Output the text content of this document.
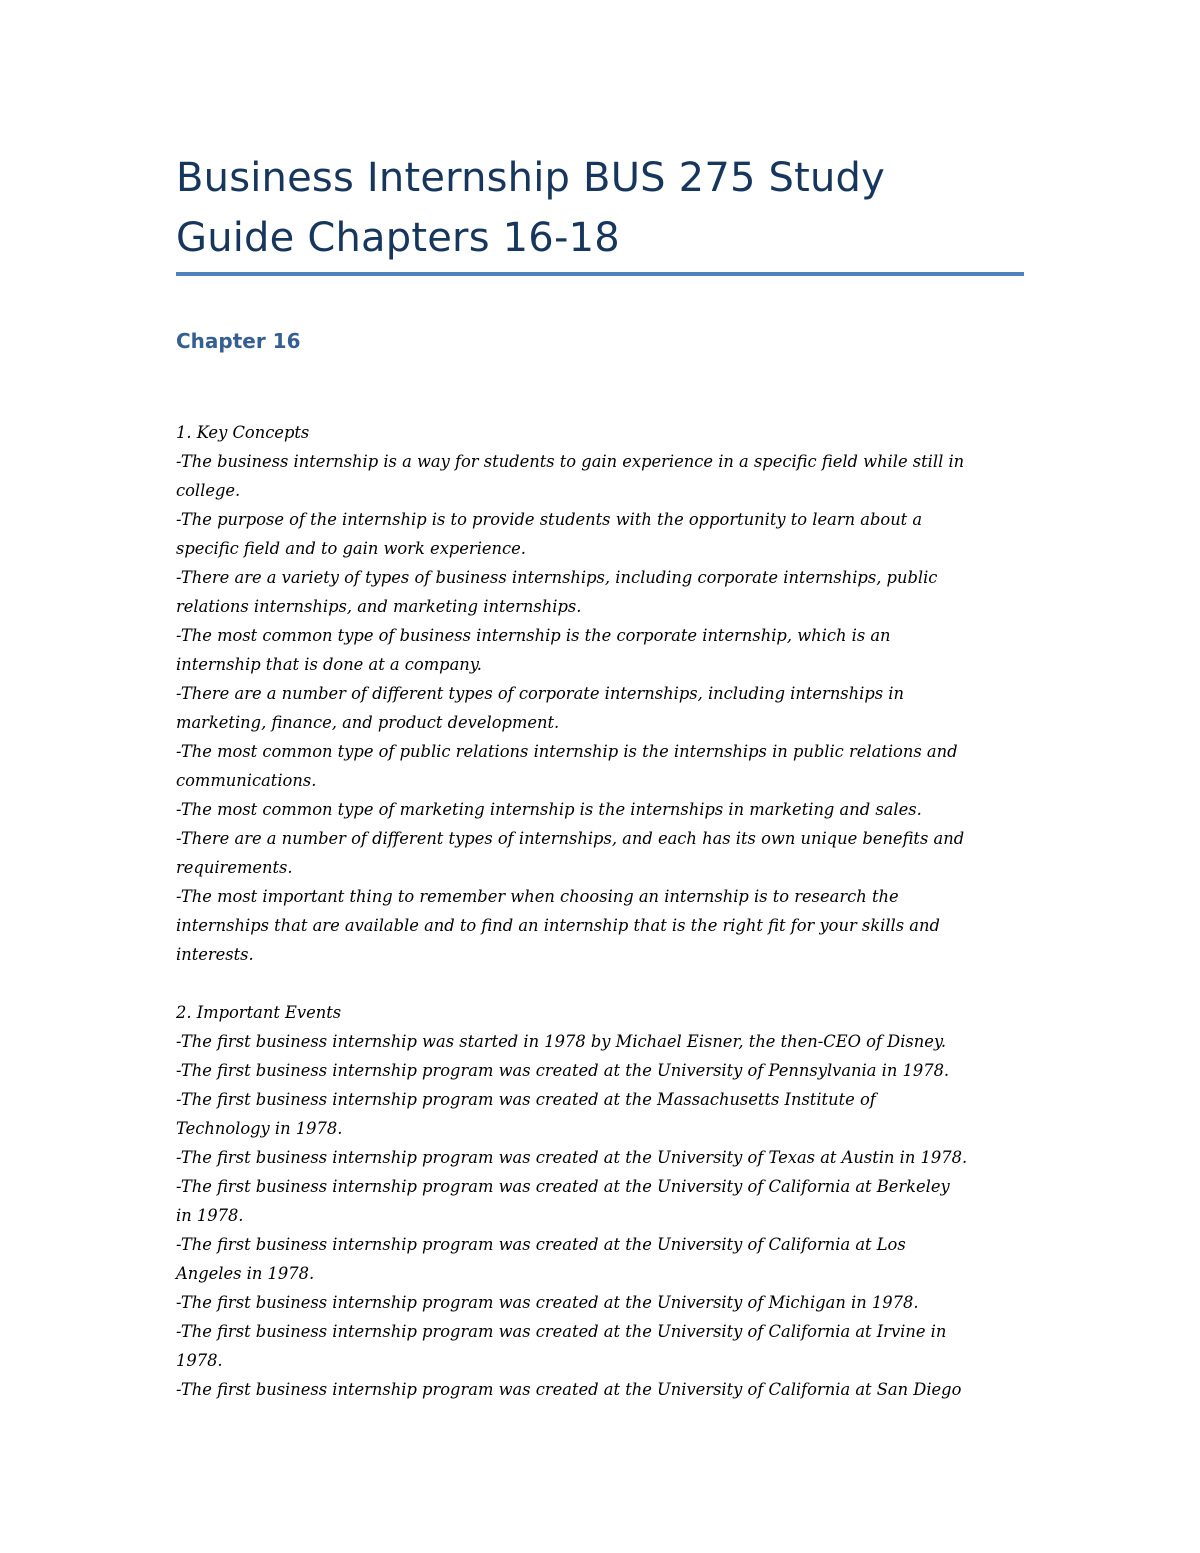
Business Internship BUS 275 Study
Guide Chapters 16-18
Chapter 16
1. Key Concepts
-The business internship is a way for students to gain experience in a specific field while still in
college.
-The purpose of the internship is to provide students with the opportunity to learn about a
specific field and to gain work experience.
-There are a variety of types of business internships, including corporate internships, public
relations internships, and marketing internships.
-The most common type of business internship is the corporate internship, which is an
internship that is done at a company.
-There are a number of different types of corporate internships, including internships in
marketing, finance, and product development.
-The most common type of public relations internship is the internships in public relations and
communications.
-The most common type of marketing internship is the internships in marketing and sales.
-There are a number of different types of internships, and each has its own unique benefits and
requirements.
-The most important thing to remember when choosing an internship is to research the
internships that are available and to find an internship that is the right fit for your skills and
interests.
2. Important Events
-The first business internship was started in 1978 by Michael Eisner, the then-CEO of Disney.
-The first business internship program was created at the University of Pennsylvania in 1978.
-The first business internship program was created at the Massachusetts Institute of
Technology in 1978.
-The first business internship program was created at the University of Texas at Austin in 1978.
-The first business internship program was created at the University of California at Berkeley
in 1978.
-The first business internship program was created at the University of California at Los
Angeles in 1978.
-The first business internship program was created at the University of Michigan in 1978.
-The first business internship program was created at the University of California at Irvine in
1978.
-The first business internship program was created at the University of California at San Diego
